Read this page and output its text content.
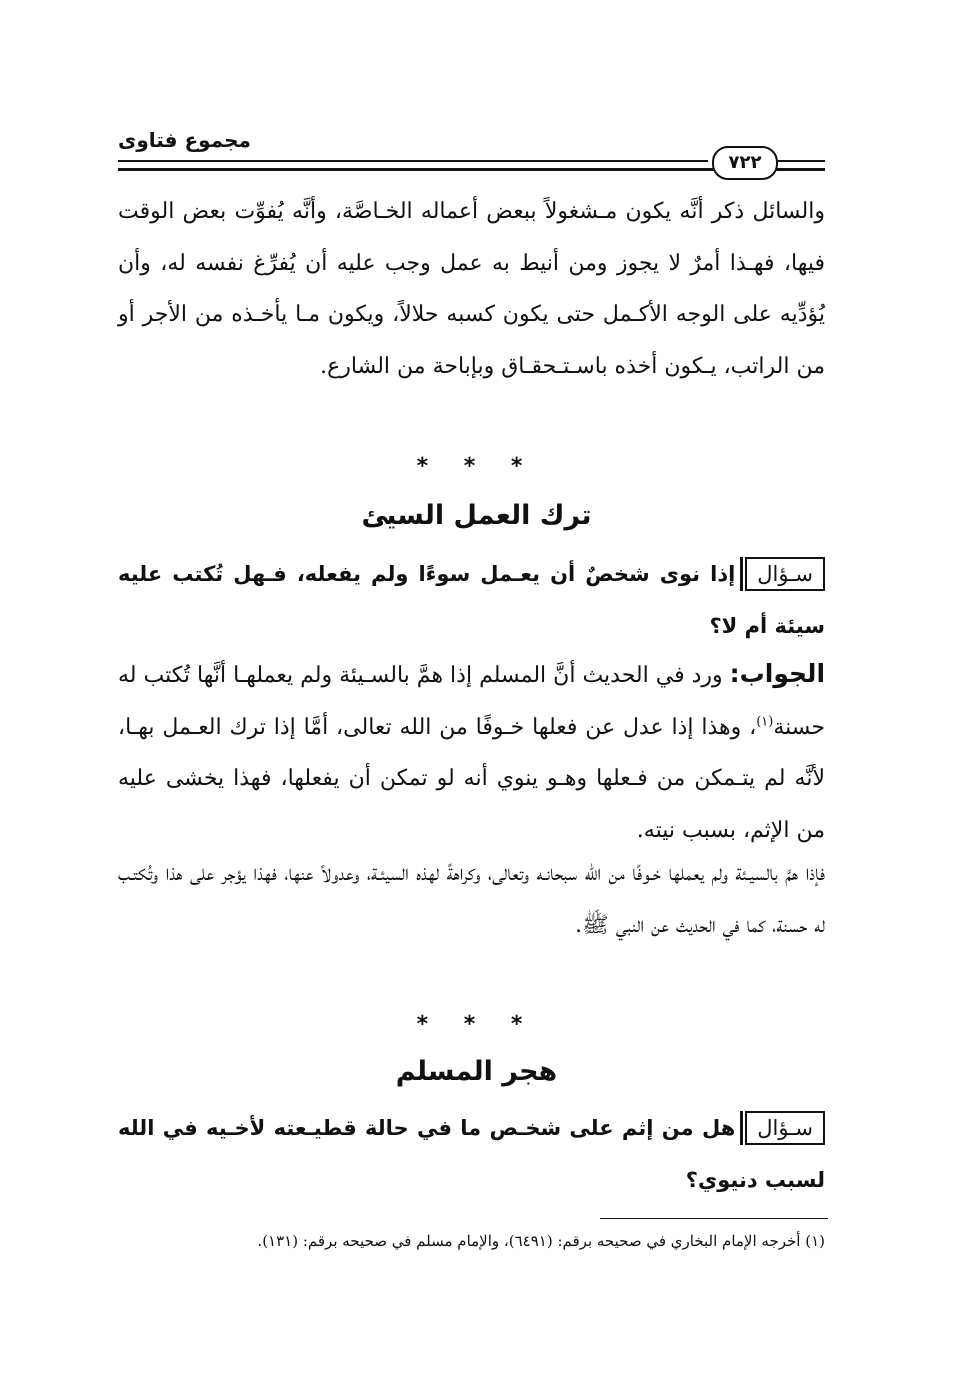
مجموع فتاوى
٧٢٢
والسائل ذكر أنَّه يكون مـشغولاً ببعض أعماله الخـاصَّة، وأنَّه يُفوِّت بعض الوقت فيها، فهـذا أمرٌ لا يجوز ومن أنيط به عمل وجب عليه أن يُفرِّغ نفسه له، وأن يُؤدِّيه على الوجه الأكـمل حتى يكون كسبه حلالاً، ويكون مـا يأخـذه من الأجر أو من الراتب، يـكون أخذه باسـتـحقـاق وبإباحة من الشارع.
* * *
ترك العمل السيئ
سـؤالإذا نوى شخصٌ أن يعـمل سوءًا ولم يفعله، فـهل تُكتب عليه سيئة أم لا؟
الجواب: ورد في الحديث أنَّ المسلم إذا همَّ بالسـيئة ولم يعملهـا أنَّها تُكتب له حسنة$^{(١)}$، وهذا إذا عدل عن فعلها خـوفًا من الله تعالى، أمَّا إذا ترك العـمل بهـا، لأنَّه لم يتـمكن من فـعلها وهـو ينوي أنه لو تمكن أن يفعلها، فهذا يخشى عليه من الإثم، بسبب نيته.
فإذا همَّ بالسيـئة ولم يعملها خـوفًا من الله سبحانـه وتعالى، وكراهةً لهذه السيئـة، وعدولاً عنها، فهذا يؤجر على هذا وتُكتـب له حسنة، كما في الحديث عن النبي ﷺ.
* * *
هجر المسلم
سـؤالهل من إثم على شخـص ما في حالة قطيـعته لأخـيه في الله لسبب دنيوي؟
(١) أخرجه الإمام البخاري في صحيحه برقم: (٦٤٩١)، والإمام مسلم في صحيحه برقم: (١٣١).
